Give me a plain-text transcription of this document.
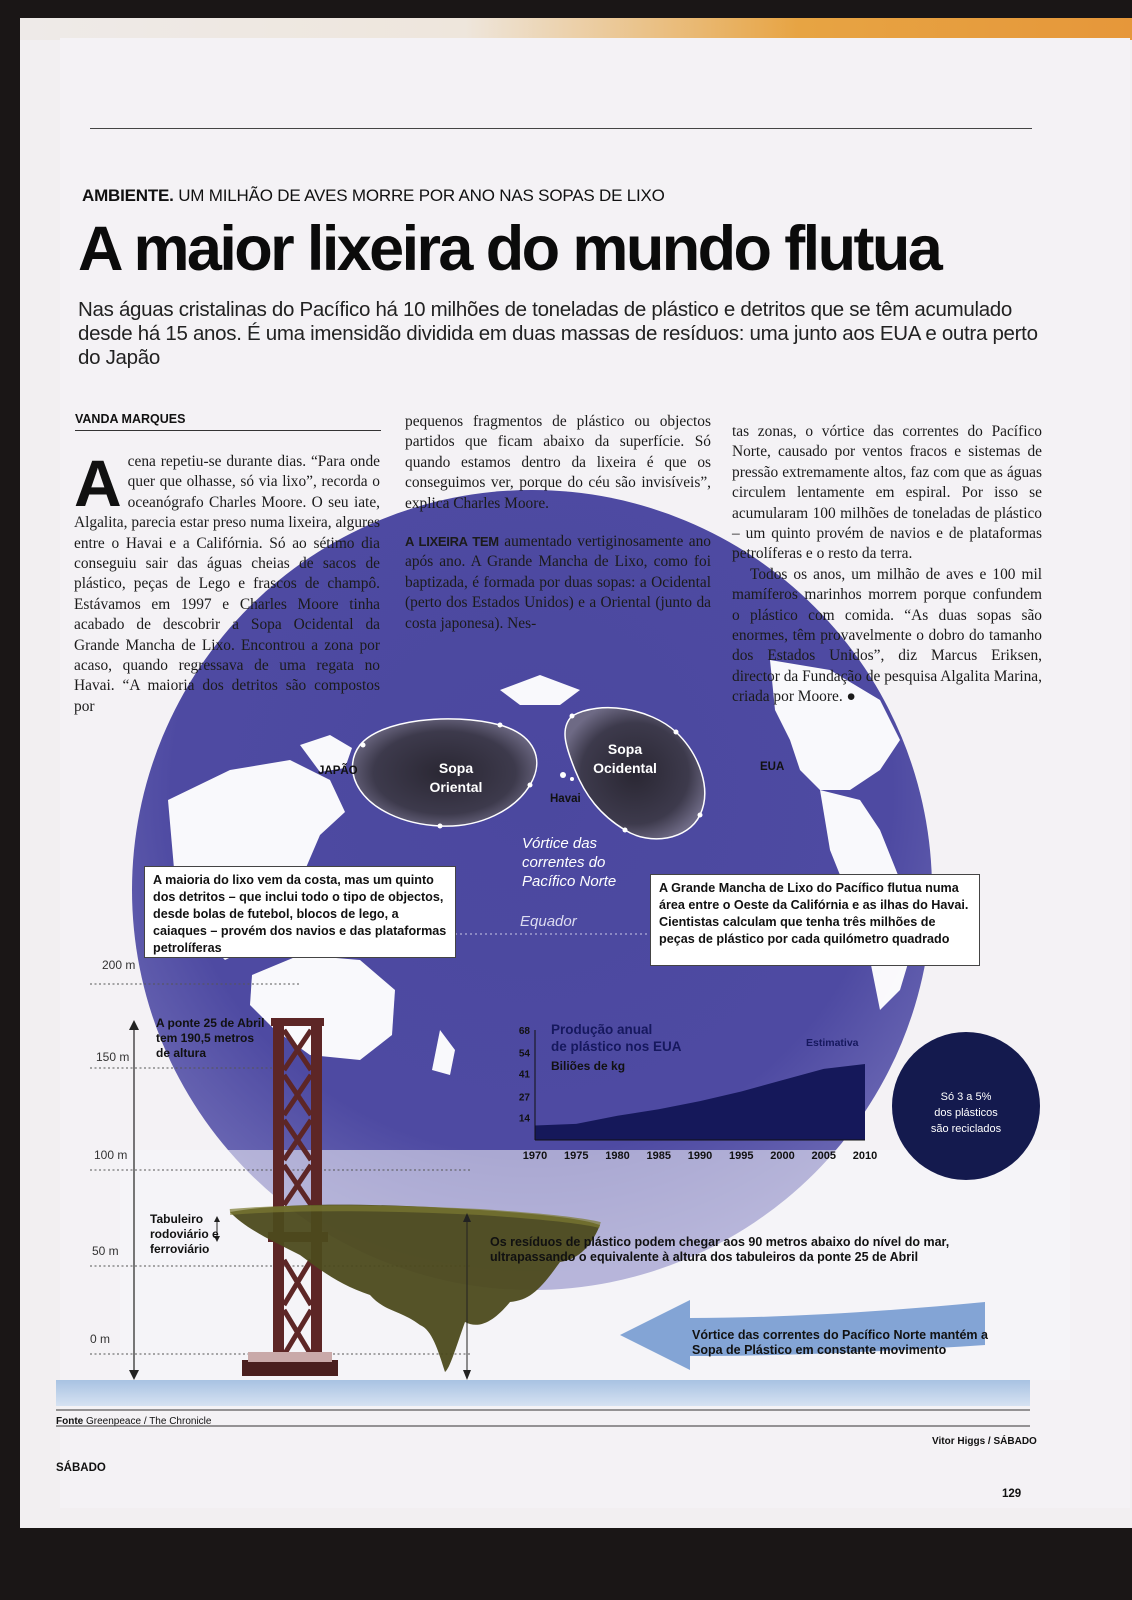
AMBIENTE. UM MILHÃO DE AVES MORRE POR ANO NAS SOPAS DE LIXO
A maior lixeira do mundo flutua

Nas águas cristalinas do Pacífico há 10 milhões de toneladas de plástico e detritos que se têm acumulado desde há 15 anos. É uma imensidão dividida em duas massas de resíduos: uma junto aos EUA e outra perto do Japão

JAPÃO	EUA
Havai
Sopa
Oriental
Sopa
Ocidental
Vórtice das
correntes do
Pacífico Norte
Equador
Só 3 a 5%
dos plásticos
são reciclados
Produção anual
de plástico nos EUA
Biliões de kg
Estimativa
14
27
41
54
68
1970 1975 1980 1985 1990 1995 2000 2005 2010
VANDA MARQUES

Acena repetiu-se durante dias. “Para onde quer que olhasse, só via lixo”, recorda o oceanógrafo Charles Moore. O seu iate, Algalita, parecia estar preso numa lixeira, algures entre o Havai e a Califórnia. Só ao sétimo dia conseguiu sair das águas cheias de sacos de plástico, peças de Lego e frascos de champô. Estávamos em 1997 e Charles Moore tinha acabado de descobrir a Sopa Ocidental da Grande Mancha de Lixo. Encontrou a zona por acaso, quando regressava de uma regata no Havai. “A maioria dos detritos são compostos por

pequenos fragmentos de plástico ou objectos partidos que ficam abaixo da superfície. Só quando estamos dentro da lixeira é que os conseguimos ver, porque do céu são invisíveis”, explica Charles Moore.

A LIXEIRA TEM aumentado vertiginosamente ano após ano. A Grande Mancha de Lixo, como foi baptizada, é formada por duas sopas: a Ocidental (perto dos Estados Unidos) e a Oriental (junto da costa japonesa). Nes-

tas zonas, o vórtice das correntes do Pacífico Norte, causado por ventos fracos e sistemas de pressão extremamente altos, faz com que as águas circulem lentamente em espiral. Por isso se acumularam 100 milhões de toneladas de plástico – um quinto provém de navios e de plataformas petrolíferas e o resto da terra.

Todos os anos, um milhão de aves e 100 mil mamíferos marinhos morrem porque confundem o plástico com comida. “As duas sopas são enormes, têm provavelmente o dobro do tamanho dos Estados Unidos”, diz Marcus Eriksen, director da Fundação de pesquisa Algalita Marina, criada por Moore. ●

A maioria do lixo vem da costa, mas um quinto dos detritos – que inclui todo o tipo de objectos, desde bolas de futebol, blocos de lego, a caiaques – provém dos navios e das plataformas petrolíferas
A Grande Mancha de Lixo do Pacífico flutua numa área entre o Oeste da Califórnia e as ilhas do Havai. Cientistas calculam que tenha três milhões de peças de plástico por cada quilómetro quadrado
200 m
150 m
100 m
50 m
0 m
A ponte 25 de Abril tem 190,5 metros de altura
Tabuleiro rodoviário e ferroviário	Os resíduos de plástico podem chegar aos 90 metros abaixo do nível do mar, ultrapassando o equivalente à altura dos tabuleiros da ponte 25 de Abril
Vórtice das correntes do Pacífico Norte mantém a Sopa de Plástico em constante movimento
Fonte Greenpeace / The Chronicle
Vitor Higgs / SÁBADO
SÁBADO
129
